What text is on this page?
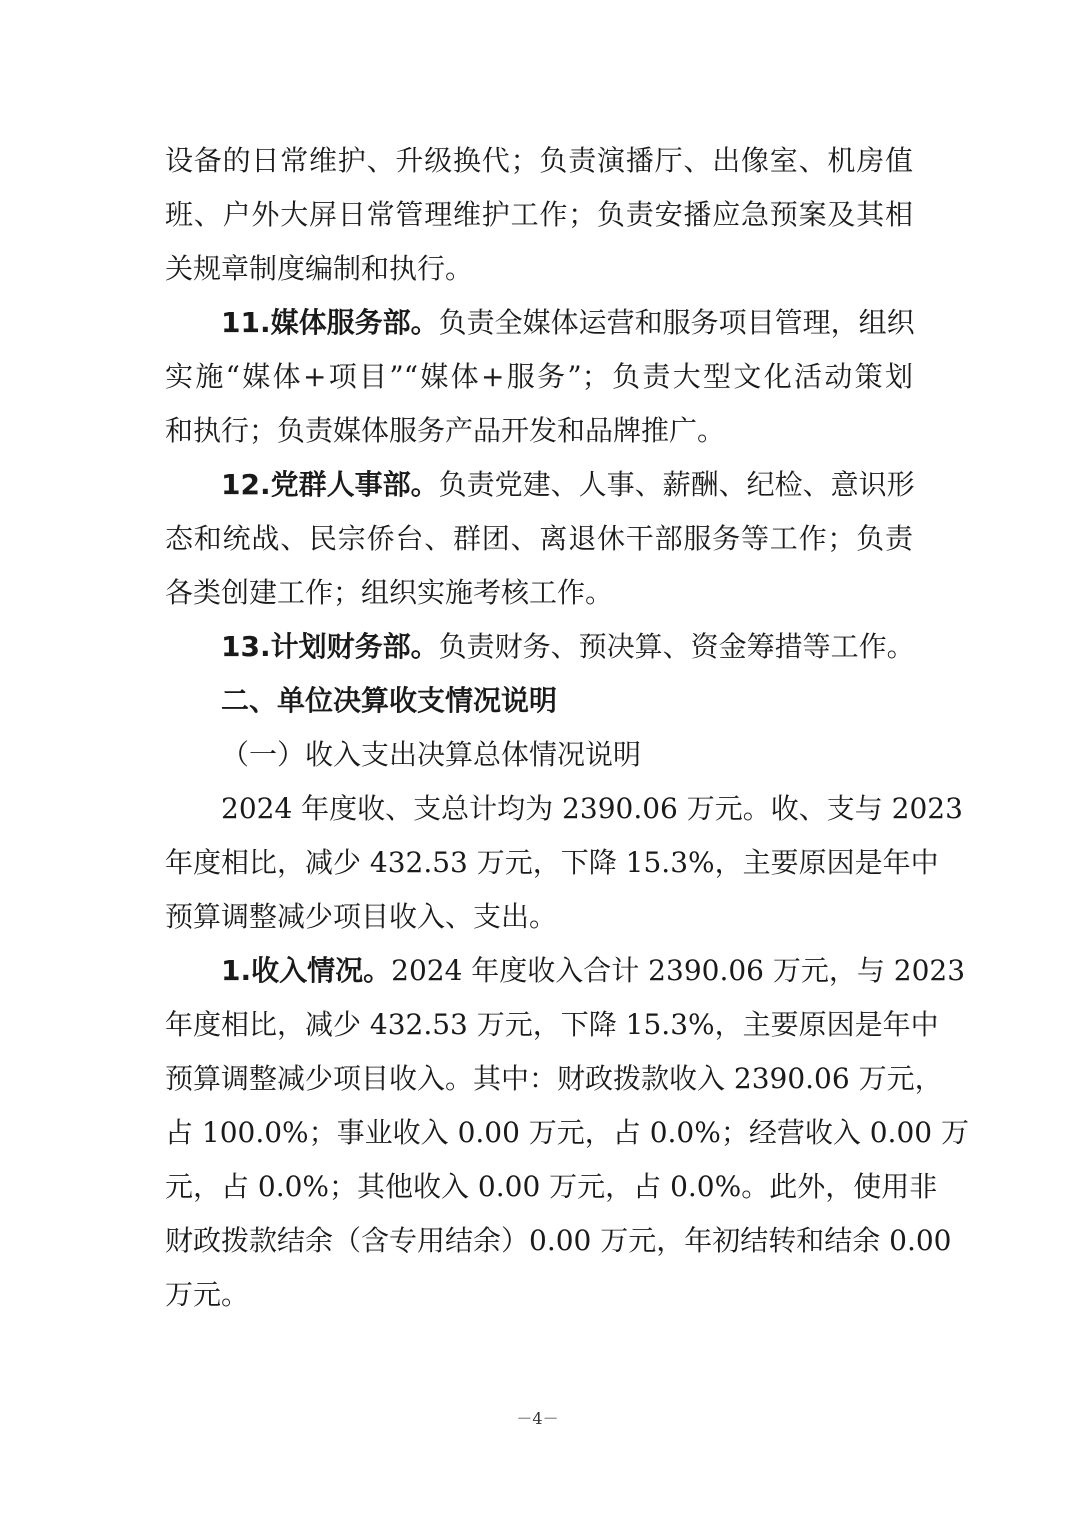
设备的日常维护、升级换代；负责演播厅、出像室、机房值
班、户外大屏日常管理维护工作；负责安播应急预案及其相
关规章制度编制和执行。
11.媒体服务部。负责全媒体运营和服务项目管理，组织
实施“媒体+项目”“媒体+服务”；负责大型文化活动策划
和执行；负责媒体服务产品开发和品牌推广。
12.党群人事部。负责党建、人事、薪酬、纪检、意识形
态和统战、民宗侨台、群团、离退休干部服务等工作；负责
各类创建工作；组织实施考核工作。
13.计划财务部。负责财务、预决算、资金筹措等工作。
二、单位决算收支情况说明
（一）收入支出决算总体情况说明
2024 年度收、支总计均为 2390.06 万元。收、支与 2023
年度相比，减少 432.53 万元，下降 15.3%，主要原因是年中
预算调整减少项目收入、支出。
1.收入情况。2024 年度收入合计 2390.06 万元，与 2023
年度相比，减少 432.53 万元，下降 15.3%，主要原因是年中
预算调整减少项目收入。其中：财政拨款收入 2390.06 万元，
占 100.0%；事业收入 0.00 万元，占 0.0%；经营收入 0.00 万
元，占 0.0%；其他收入 0.00 万元，占 0.0%。此外，使用非
财政拨款结余（含专用结余）0.00 万元，年初结转和结余 0.00
万元。
－4－
